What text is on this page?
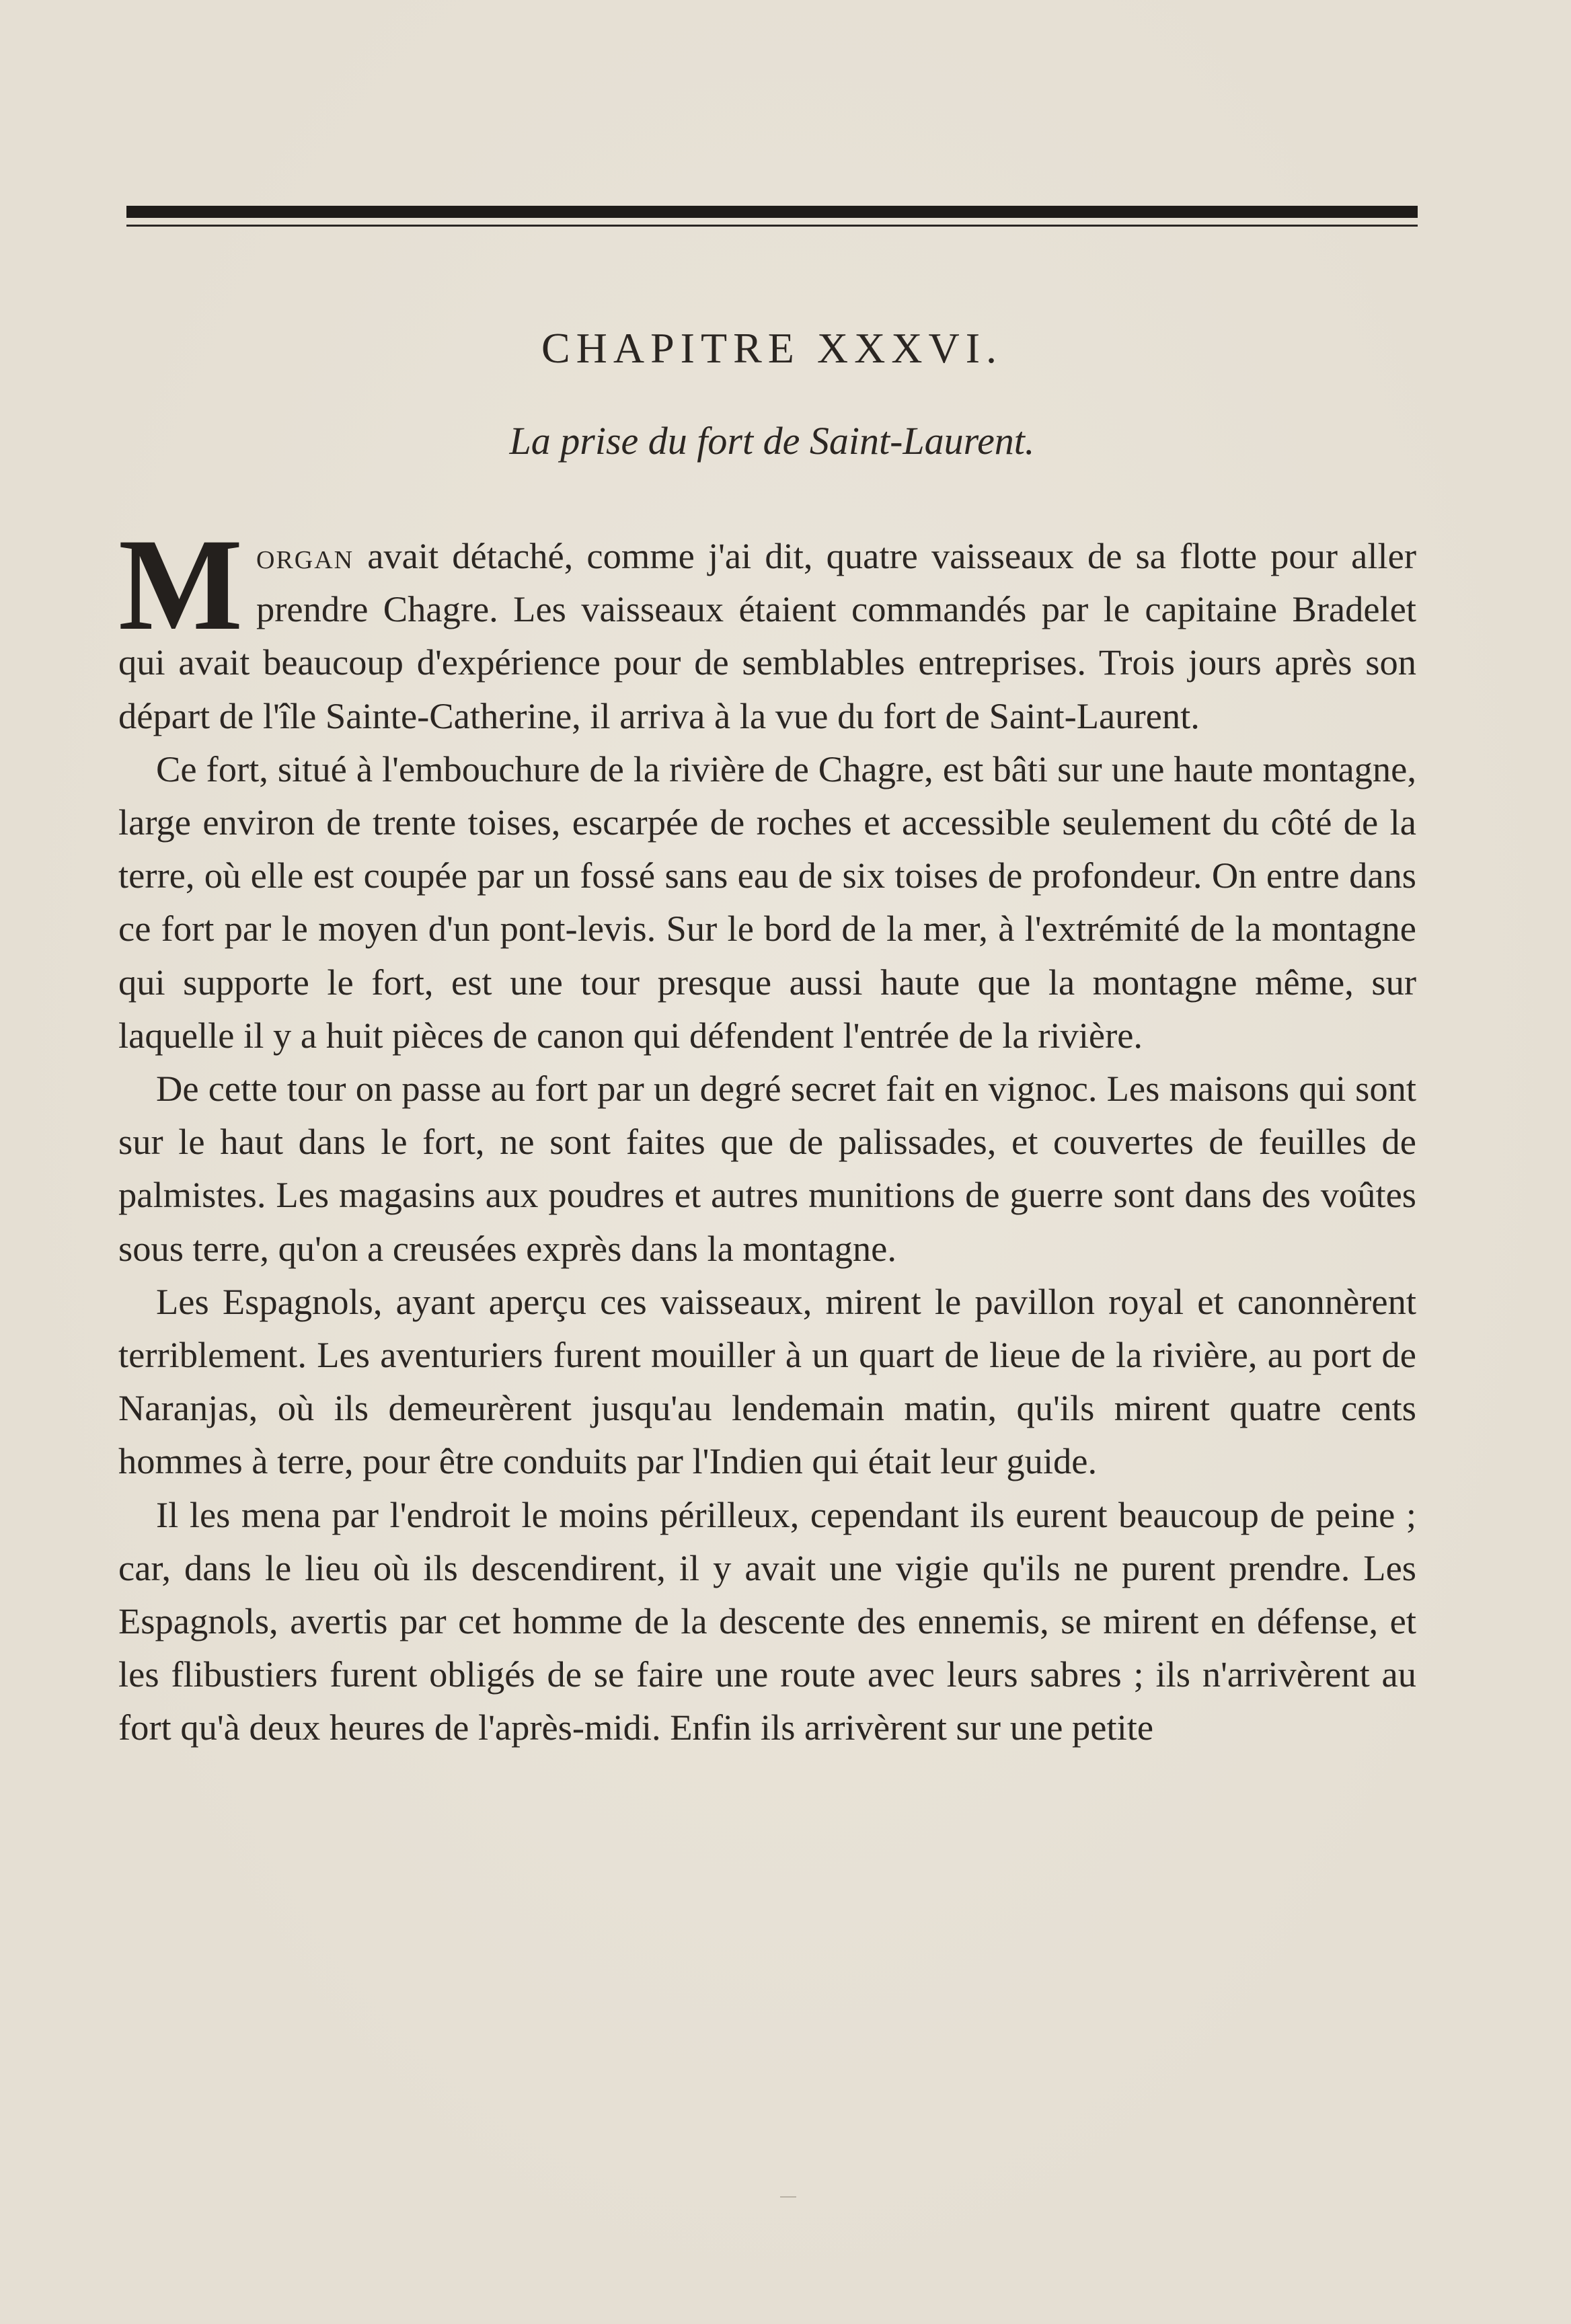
CHAPITRE XXXVI.
La prise du fort de Saint-Laurent.

Morgan avait détaché, comme j'ai dit, quatre vaisseaux de sa flotte pour aller prendre Chagre. Les vaisseaux étaient commandés par le capitaine Bradelet qui avait beaucoup d'expérience pour de semblables entreprises. Trois jours après son départ de l'île Sainte-Catherine, il arriva à la vue du fort de Saint-Laurent.

Ce fort, situé à l'embouchure de la rivière de Chagre, est bâti sur une haute montagne, large environ de trente toises, escarpée de roches et accessible seulement du côté de la terre, où elle est coupée par un fossé sans eau de six toises de profondeur. On entre dans ce fort par le moyen d'un pont-levis. Sur le bord de la mer, à l'extrémité de la montagne qui supporte le fort, est une tour presque aussi haute que la montagne même, sur laquelle il y a huit pièces de canon qui défendent l'entrée de la rivière.

De cette tour on passe au fort par un degré secret fait en vignoc. Les maisons qui sont sur le haut dans le fort, ne sont faites que de palissades, et couvertes de feuilles de palmistes. Les magasins aux poudres et autres munitions de guerre sont dans des voûtes sous terre, qu'on a creusées exprès dans la montagne.

Les Espagnols, ayant aperçu ces vaisseaux, mirent le pavillon royal et canonnèrent terriblement. Les aventuriers furent mouiller à un quart de lieue de la rivière, au port de Naranjas, où ils demeurèrent jusqu'au lendemain matin, qu'ils mirent quatre cents hommes à terre, pour être conduits par l'Indien qui était leur guide.

Il les mena par l'endroit le moins périlleux, cependant ils eurent beaucoup de peine ; car, dans le lieu où ils descendirent, il y avait une vigie qu'ils ne purent prendre. Les Espagnols, avertis par cet homme de la descente des ennemis, se mirent en défense, et les flibustiers furent obligés de se faire une route avec leurs sabres ; ils n'arrivèrent au fort qu'à deux heures de l'après-midi. Enfin ils arrivèrent sur une petite
